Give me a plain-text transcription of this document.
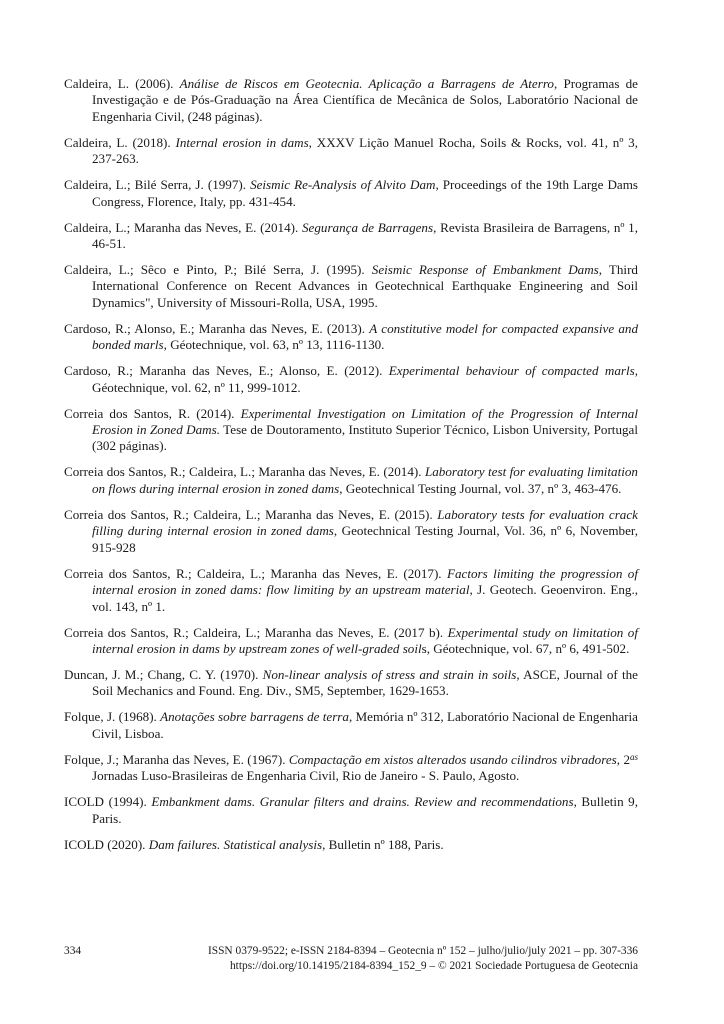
Caldeira, L. (2006). Análise de Riscos em Geotecnia. Aplicação a Barragens de Aterro, Programas de Investigação e de Pós-Graduação na Área Científica de Mecânica de Solos, Laboratório Nacional de Engenharia Civil, (248 páginas).

Caldeira, L. (2018). Internal erosion in dams, XXXV Lição Manuel Rocha, Soils & Rocks, vol. 41, nº 3, 237-263.

Caldeira, L.; Bilé Serra, J. (1997). Seismic Re-Analysis of Alvito Dam, Proceedings of the 19th Large Dams Congress, Florence, Italy, pp. 431-454.

Caldeira, L.; Maranha das Neves, E. (2014). Segurança de Barragens, Revista Brasileira de Barragens, nº 1, 46-51.

Caldeira, L.; Sêco e Pinto, P.; Bilé Serra, J. (1995). Seismic Response of Embankment Dams, Third International Conference on Recent Advances in Geotechnical Earthquake Engineering and Soil Dynamics", University of Missouri-Rolla, USA, 1995.

Cardoso, R.; Alonso, E.; Maranha das Neves, E. (2013). A constitutive model for compacted expansive and bonded marls, Géotechnique, vol. 63, nº 13, 1116-1130.

Cardoso, R.; Maranha das Neves, E.; Alonso, E. (2012). Experimental behaviour of compacted marls, Géotechnique, vol. 62, nº 11, 999-1012.

Correia dos Santos, R. (2014). Experimental Investigation on Limitation of the Progression of Internal Erosion in Zoned Dams. Tese de Doutoramento, Instituto Superior Técnico, Lisbon University, Portugal (302 páginas).

Correia dos Santos, R.; Caldeira, L.; Maranha das Neves, E. (2014). Laboratory test for evaluating limitation on flows during internal erosion in zoned dams, Geotechnical Testing Journal, vol. 37, nº 3, 463-476.

Correia dos Santos, R.; Caldeira, L.; Maranha das Neves, E. (2015). Laboratory tests for evaluation crack filling during internal erosion in zoned dams, Geotechnical Testing Journal, Vol. 36, nº 6, November, 915-928

Correia dos Santos, R.; Caldeira, L.; Maranha das Neves, E. (2017). Factors limiting the progression of internal erosion in zoned dams: flow limiting by an upstream material, J. Geotech. Geoenviron. Eng., vol. 143, nº 1.

Correia dos Santos, R.; Caldeira, L.; Maranha das Neves, E. (2017 b). Experimental study on limitation of internal erosion in dams by upstream zones of well-graded soils, Géotechnique, vol. 67, nº 6, 491-502.

Duncan, J. M.; Chang, C. Y. (1970). Non-linear analysis of stress and strain in soils, ASCE, Journal of the Soil Mechanics and Found. Eng. Div., SM5, September, 1629-1653.

Folque, J. (1968). Anotações sobre barragens de terra, Memória nº 312, Laboratório Nacional de Engenharia Civil, Lisboa.

Folque, J.; Maranha das Neves, E. (1967). Compactação em xistos alterados usando cilindros vibradores, $2^{as}$ Jornadas Luso-Brasileiras de Engenharia Civil, Rio de Janeiro - S. Paulo, Agosto.

ICOLD (1994). Embankment dams. Granular filters and drains. Review and recommendations, Bulletin 9, Paris.

ICOLD (2020). Dam failures. Statistical analysis, Bulletin nº 188, Paris.

334	ISSN 0379-9522; e-ISSN 2184-8394 – Geotecnia nº 152 – julho/julio/july 2021 – pp. 307-336
https://doi.org/10.14195/2184-8394_152_9 – © 2021 Sociedade Portuguesa de Geotecnia
